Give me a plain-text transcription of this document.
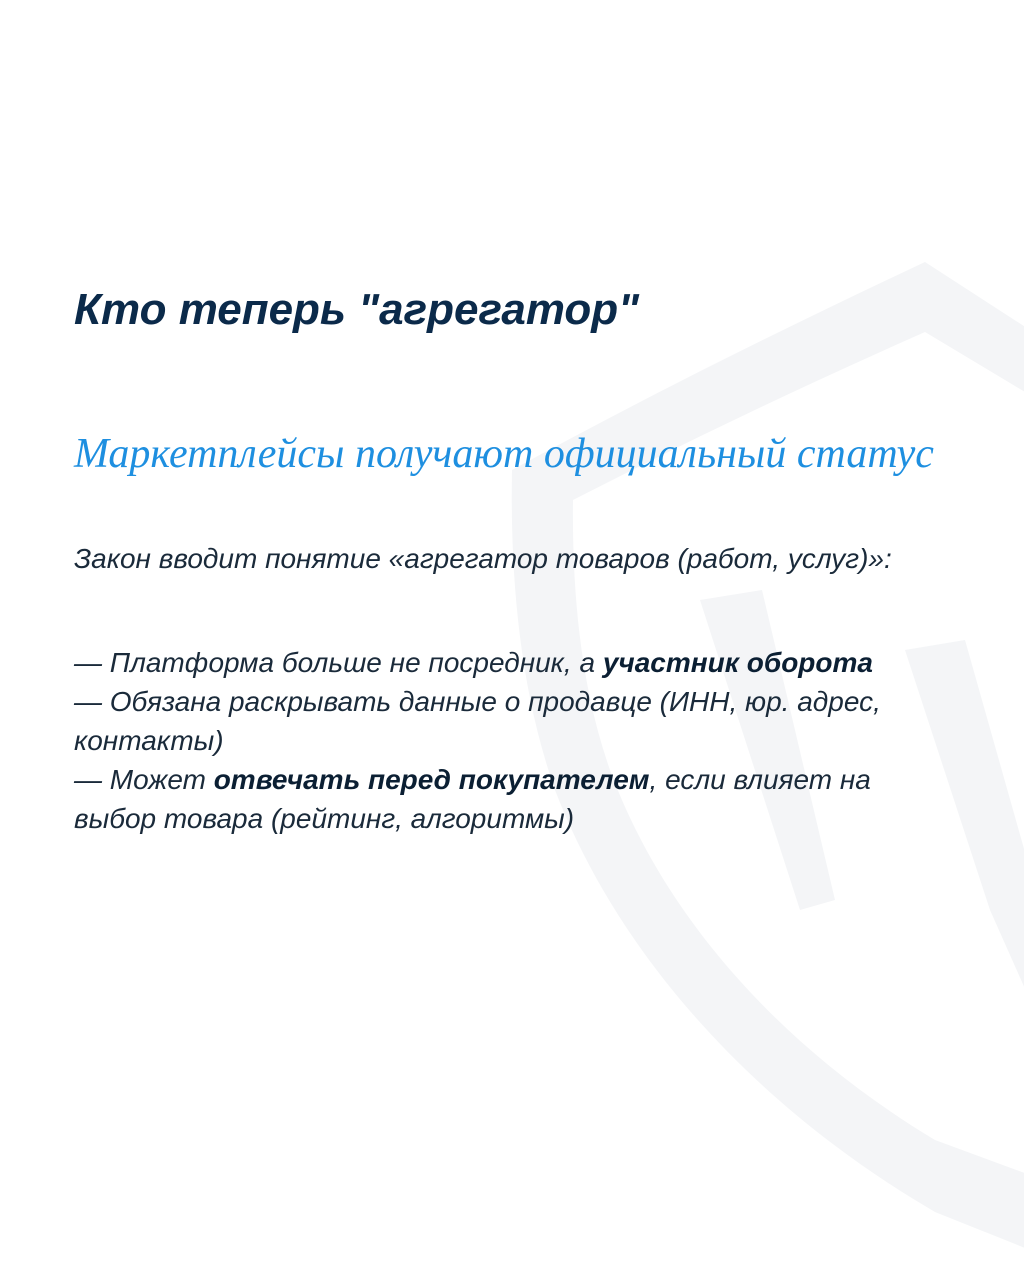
Кто теперь "агрегатор"
Маркетплейсы получают официальный статус

Закон вводит понятие «агрегатор товаров (работ, услуг)»:

— Платформа больше не посредник, а участник оборота
— Обязана раскрывать данные о продавце (ИНН, юр. адрес, контакты)
— Может отвечать перед покупателем, если влияет на выбор товара (рейтинг, алгоритмы)
